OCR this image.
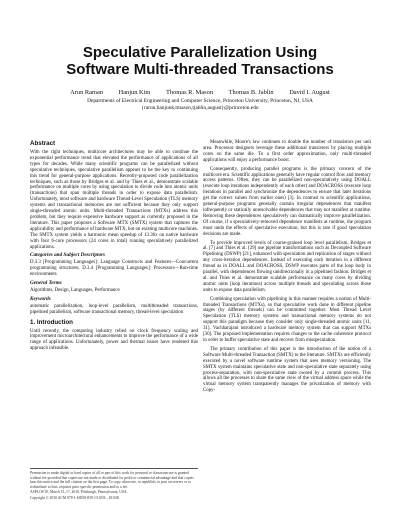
Speculative Parallelization Using
Software Multi-threaded Transactions
Arun Raman Hanjun Kim Thomas R. Mason Thomas B. Jablin David I. August
Departments of Electrical Engineering and Computer Science, Princeton University, Princeton, NJ, USA
{rarun,hanjunk,tmason,tjablin,august}@princeton.edu
Abstract

With the right techniques, multicore architectures may be able to continue the exponential performance trend that elevated the performance of applications of all types for decades. While many scientific programs can be parallelized without speculative techniques, speculative parallelism appears to be the key to continuing this trend for general-purpose applications. Recently-proposed code parallelization techniques, such as those by Bridges et al. and by Thies et al., demonstrate scalable performance on multiple cores by using speculation to divide code into atomic units (transactions) that span multiple threads in order to expose data parallelism. Unfortunately, most software and hardware Thread-Level Speculation (TLS) memory systems and transactional memories are not sufficient because they only support single-threaded atomic units. Multi-threaded Transactions (MTXs) address this problem, but they require expensive hardware support as currently proposed in the literature. This paper proposes a Software MTX (SMTX) system that captures the applicability and performance of hardware MTX, but on existing multicore machines. The SMTX system yields a harmonic mean speedup of 13.36x on native hardware with four 6-core processors (24 cores in total) running speculatively parallelized applications.

Categories and Subject Descriptors

D.3.3 [Programming Languages]: Language Constructs and Features—Concurrent programming structures; D.3.4 [Programming Languages]: Processors—Run-time environments

General Terms

Algorithms, Design, Languages, Performance

Keywords

automatic parallelization, loop-level parallelism, multithreaded transactions, pipelined parallelism, software transactional memory, thread-level speculation

1. Introduction

Until recently, the computing industry relied on clock frequency scaling and improvement microarchitectural enhancements to improve the performance of a wide range of applications. Unfortunately, power and thermal issues have rendered this approach infeasible.

Permission to make digital or hard copies of all or part of this work for personal or classroom use is granted without fee provided that copies are not made or distributed for profit or commercial advantage and that copies bear this notice and the full citation on the first page. To copy otherwise, to republish, to post on servers or to redistribute to lists, requires prior specific permission and/or a fee.

ASPLOS'10, March 13–17, 2010, Pittsburgh, Pennsylvania, USA.

Copyright © 2010 ACM 978-1-60558-839-1/10/03... $10.00

Meanwhile, Moore's law continues to double the number of transistors per unit area. Processor designers leverage these additional transistors by placing multiple cores on the same die. To a first order approximation, only multi-threaded applications will enjoy a performance boost.

Consequently, producing parallel programs is the primary concern of the multicore era. Scientific applications generally have regular control flow and memory access patterns. Often, they can be parallelized non-speculatively using DOALL (execute loop iterations independently of each other) and DOACROSS (execute loop iterations in parallel and synchronize the dependences to ensure that later iterations get the correct values from earlier ones) [3]. In contrast to scientific applications, general-purpose programs generally contain irregular dependences that manifest infrequently or statically unresolvable dependences that may not manifest at runtime. Removing these dependences speculatively can dramatically improve parallelization. Of course, if a speculatively-removed dependence manifests at runtime, the program must undo the effects of speculative execution, but this is rare if good speculation decisions are made.

To provide improved levels of coarse-grained loop level parallelism, Bridges et al. [7] and Thies et al. [29] use pipeline transformations such as Decoupled Software Pipelining (DSWP) [21], enhanced with speculation and replication of stages without any cross-iteration dependences. Instead of executing each iteration in a different thread as in DOALL and DOACROSS, DSWP executes parts of the loop body in parallel, with dependences flowing unidirectionally in a pipelined fashion. Bridges et al. and Thies et al. demonstrate scalable performance on many cores by dividing atomic units (loop iterations) across multiple threads and speculating across those units to expose data parallelism.

Combining speculation with pipelining in this manner requires a notion of Multi-threaded Transactions (MTXs), so that speculative work done in different pipeline stages (by different threads) can be committed together. Most Thread Level Speculation (TLS) memory systems and transactional memory systems do not support this paradigm because they consider only single-threaded atomic units [11, 31]. Vachharajani introduced a hardware memory system that can support MTXs [30]. The proposed implementation requires changes to the cache coherence protocol in order to buffer speculative state and recover from misspeculation.

The primary contribution of this paper is the introduction of the notion of a Software Multi-threaded Transaction (SMTX) to the literature. SMTXs are efficiently executed by a novel software runtime system that uses memory versioning. The SMTX system maintains speculative state and non-speculative state separately using process-separation, with non-speculative state owned by a commit process. This allows all the processes to share the same view of the virtual address space while the virtual memory system transparently manages the privatization of memory with Copy-
